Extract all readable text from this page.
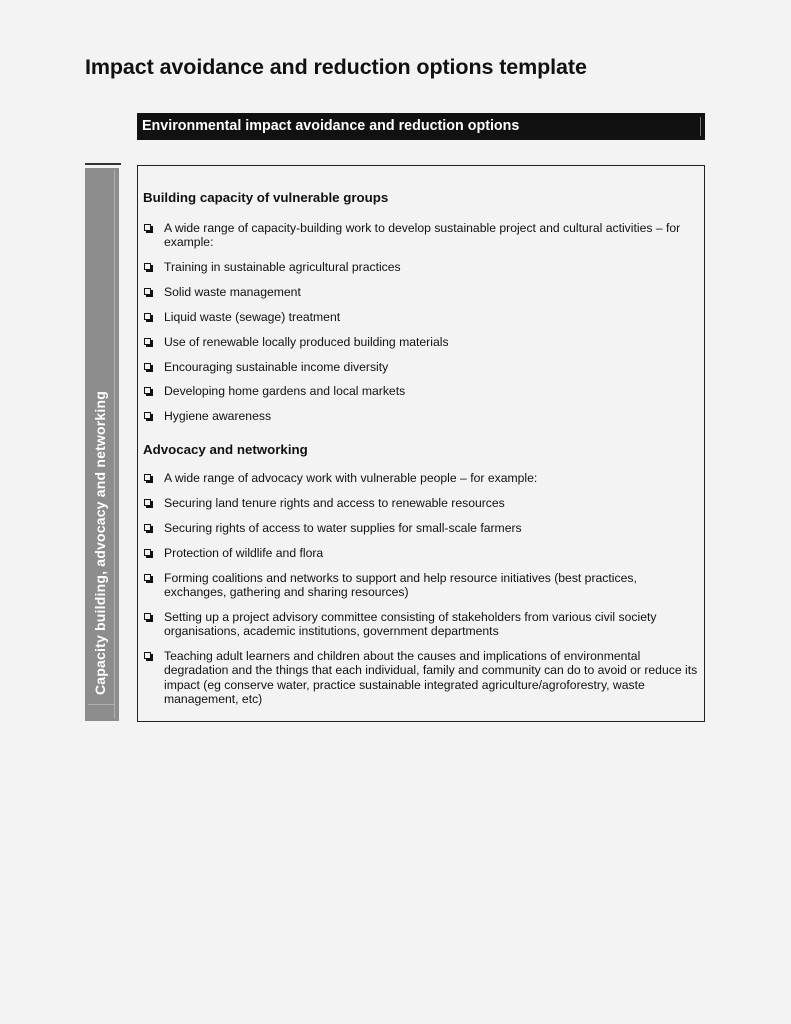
Impact avoidance and reduction options template
Environmental impact avoidance and reduction options
Capacity building, advocacy and networking
Building capacity of vulnerable groups
A wide range of capacity-building work to develop sustainable project and cultural activities – for example:
Training in sustainable agricultural practices
Solid waste management
Liquid waste (sewage) treatment
Use of renewable locally produced building materials
Encouraging sustainable income diversity
Developing home gardens and local markets
Hygiene awareness
Advocacy and networking
A wide range of advocacy work with vulnerable people – for example:
Securing land tenure rights and access to renewable resources
Securing rights of access to water supplies for small-scale farmers
Protection of wildlife and flora
Forming coalitions and networks to support and help resource initiatives (best practices, exchanges, gathering and sharing resources)
Setting up a project advisory committee consisting of stakeholders from various civil society organisations, academic institutions, government departments
Teaching adult learners and children about the causes and implications of environmental degradation and the things that each individual, family and community can do to avoid or reduce its impact (eg conserve water, practice sustainable integrated agriculture/agroforestry, waste management, etc)
